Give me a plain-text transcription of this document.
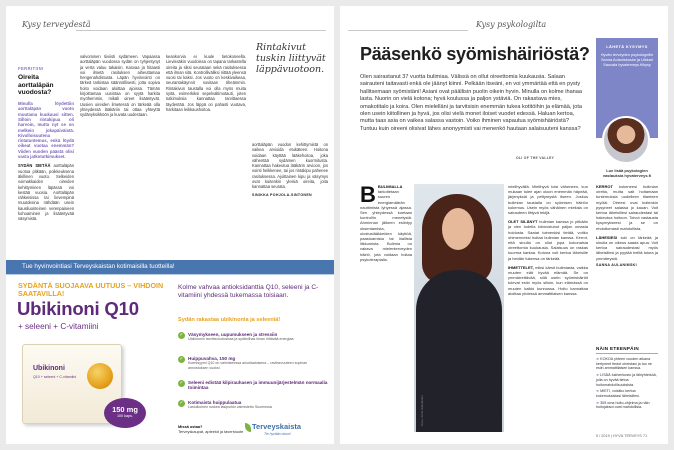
Kysy terveydestä
FERRITIINI
Oireita aorttaläpän vuodosta?
Minulla löydettiin aorttaläpän vuoto muutama kuukausi sitten. Silloin rintakipua oli harvoin, mutta nyt se on melkein jokapäiväistä. Kivulloisuutena rintatuntemus, enkä löydä oikeat vuotaa enemmän? Viiden vuoden päästä olisi vasta jatkotutkimukset.
SYDÄN SIETÄÄ aorttaläpän vuotoa pitkään, poikkeuksena äkillinen vuoto. Selkeiden voimakkaiden oireiden kehittyminen läpässä voi kestää vuosia. Aorttaläpän rahkeisissa tai lievempinä muutoksina nähdään usein kausiluonteinen verenpaineen kohoaminen ja lisääntyvää väsymistä.
valvominen tiiviisti sydämeen. Vapaassa aorttaläpän vuodossa sydän on tyhjentynyt ja verta valuu takaisin. Kasvaa ja hitaasti voi ilmetä rasituksen aiheuttamaa hengenahdistusta. Läpän hyvinvointi on tärkeä tarkistaa säännöllisesti, jotta sopiva hoito voidaan aloittaa ajoissa. Tämän kirjoittamaa uusintaa on syytä harkita myöhemmin, mikäli oireet lisääntyvät. Uusien oireiden ilmetessä on tärkeää olla yhteydessä lääkäriin tai ottaa yhteyttä sydänyksikköön ja kuvata uudestaan.
keankorvia ei kuule tietokoneella. Lievissäkin vuodoissa on tapana tarkastella oireita ja siksi seurataan sekä rasituksessa että ilman sitä. Kontrolliväliksi riittää yleensä vuosi tai kaksi. Jos vuoto on keskivaikeaa, seurantakäynnit sovitaan tiheämmin. Rintakivun taustalla voi olla myös muita syitä, esimerkiksi sepelvaltimotauti, joten tutkimuksia kannattaa tarvittaessa täydentää. Jos läppä on pahasti vuotava, harkitaan leikkaushoitoa.
Rintakivut tuskin liittyvät läppävuotoon.
aorttaläpän vuodon kehittymistä on vaikea arvioida etukäteen. Hoitona voidaan käyttää lääkehoitoa, joka vähentää sydämen kuormitusta. Kannattaa hakeutua lääkärin arvioon, jos vointi heikkenee, tai jos rintakipu pahenee rasituksessa. Ajoittainen kipu ja väsymys ovat kuitenkin yleisiä oireita, joita kannattaa seurata.
SINIKKA POHJOLA-SINTONEN
Tue hyvinvointiasi Terveyskaistan kotimaisilla tuotteilla!
SYDÄNTÄ SUOJAAVA UUTUUS – VIHDOIN SAATAVILLA!
Ubikinoni Q10
+ seleeni + C-vitamiini
Ubikinoni
Q10 + seleeni + C-vitamiini
150 mg
100 kaps.
Kolme vahvaa antioksidanttia Q10, seleeni ja C-vitamiini yhdessä tukemassa toisiaan.
Sydän rakastaa ubikinonia ja seleeniä!
✓ Väsymykseen, uupumukseen ja stressiin
Ubikinonin tarvitta kudosissa ja sydänlihas ilman riittävää energiaa
✓ Huippuvahva, 150 mg
Koentsyymi Q10 on valmisteessa ainutlaatuisena – ravitsevuuteen sopivan annostuksen vuoksi
✓ Seleeni edistää kilpirauhasen ja immuunijärjestelmän normaalia toimintaa
✓ Kotimaista huippulaatua
Lasiulkoinen ruskea lasipurkki valmistettu Suomessa
Missä ostaa?
Terveyskaupat, apteekit ja taverstuote
Terveyskaista
Tie hyvään oloon!
Kysy psykologilta
Pääsenkö syömishäiriöstä?
Olen sairastanut 37 vuotta bulimiaa. Välissä on ollut oireettomia kuukausia. Salaan sairauteni taitavasti enkä ole jäänyt kiinni. Pelkään itseäni, en voi ymmärtää että en pysty hallitsemaan syömistäni! Asiani ovat päällisin puolin oikein hyvin. Minulla on kolme ihanaa lasta. Nuorin on vielä kotona; hyvä koulussa ja paljon ystäviä. On rakastava mies, omakotitalo ja koira. Olen mielelläni ja tarvitsisin enemmän tukea kotitöihin ja elämää, jota olen usein kiitollinen ja hyvä, jos olisi vielä monet iloiset vuodet edessä. Haluan kertoa, mutta taas asia on vaikea salassa vastoin. Voiko ihminen vapautua syömishäiriöstä? Tuntuu kuin oireeni olisivat lähes anonyymisti vai menenkö hautaan salaisuuteni kanssa?
OLI OF THE VALLEY
LÄHETÄ KYSYMYS
Hyvän terveyden psykologeille Sanna Aulaniskoske ja Ulkkari Sauvala hyvaterveys.fi/kysy
Lue lisää psykologien vastauksia hyvaterveys.fi
B BULIMIALLA tarkoitetaan suuren energiamäärän nauttimista lyhyessä ajassa. Sen yhteydessä koetaan kontrollin menetystä. Ahminnan jälkeen esiintyy oksentamista, ulostuslääkkeiden käyttöä, paastoamista tai liiallista liikkumista. Bulimia on vakava mielenterveyden häiriö, jota voidaan hoitaa psykoterapialla.
Kuva: Anne Kilpeläinen
mielihyvällä. Mielihyvä toisi väheneen, kun mukaan tulee ajan oloon enemmän häpeää, järjenyksiä ja pettymystä itseen. Joskus bulimian taustalla on syömisen häiriön kokemus. Usein myös vähäinen mieliala on sairauteen liittyvä tekijä.
OLET SILÄNYT bulimian kanssa jo pitkään ja olen todella kiinnostunut paljon omasta hoidosta. Saatat toimenkisi tietää, voitko ohimenneksi hoitaa bulimian kanssa. Kerrot, että sinulla on ollut jopa kokonaisia oireettomia kuukausia. Salaisuus on raskas kuorma kantaa. Kotona voit kertoa läheisille ja heidän tukensa on tärkeää.
IHMETTELET, miksi kärsit bulimiasta, vaikka muuten elät hyvää elämää. Se on ymmärrettävää, sillä usein syömishäiriöt tulevat esiin myös silloin, kun elämässä on muuten kaikki kunnossa. Hoito kannattaa aloittaa yhdessä ammattilaisen kanssa.
KERROT kokeneesi bulimian oireita, mutta sait hoitamaan tuntemuksia uudelleen tilanteen myötä. Oireesi ovat kuitenkin pysyneet salassa jo kauan. Voit kertoa läheisillesi sairaudestasi tai hakeutua hoitoon. Toivot vastausta kysymykseesi ja se on ehdottomasti mahdollista.
LÄHESIESI tuki on tärkeää ja sinulla on oikeus saada apua. Voit kertoa sairaudestasi myös läheisillesi ja pyytää heiltä tukea ja ymmärrystä.
SANNA AULANIMSKI
NÄIN ETEENPÄIN

➜ KOKOA yhteen vuoden aikana kertyneet tiedot oireistasi ja tuo ne esiin ammattilaisen kanssa.

➜ LISÄÄ tukiverkosto ja lähiyhteisöä, jolla on hyvää tietoa hoitomahdollisuuksista.

➜ MIETI, voisitko kertoa kokemuksistasi läheisillesi.

➜ 305 oma hoito-ohjelma ja näin hoitojaksot ovat mahdollisia.

5 / 2019 | HYVÄ TERVEYS 71
